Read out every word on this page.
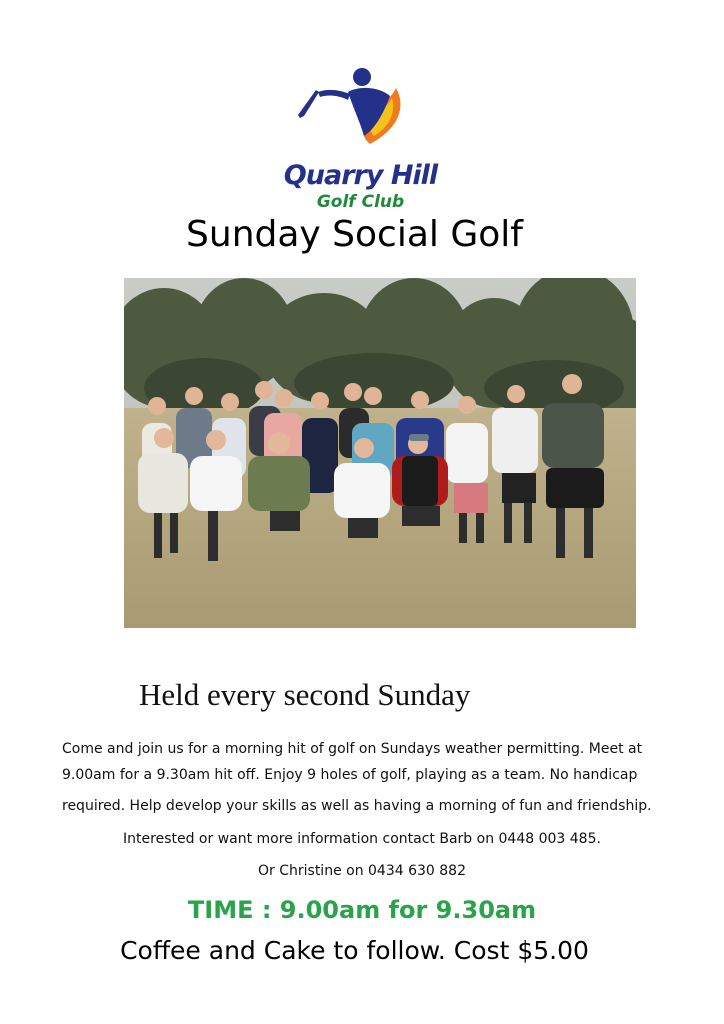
Quarry Hill
Golf Club
Sunday Social Golf
Held every second Sunday
Come and join us for a morning hit of golf on Sundays weather permitting. Meet at
9.00am for a 9.30am hit off. Enjoy 9 holes of golf, playing as a team. No handicap
required. Help develop your skills as well as having a morning of fun and friendship.
Interested or want more information contact Barb on 0448 003 485.
Or Christine on 0434 630 882
TIME : 9.00am for 9.30am
Coffee and Cake to follow. Cost $5.00
